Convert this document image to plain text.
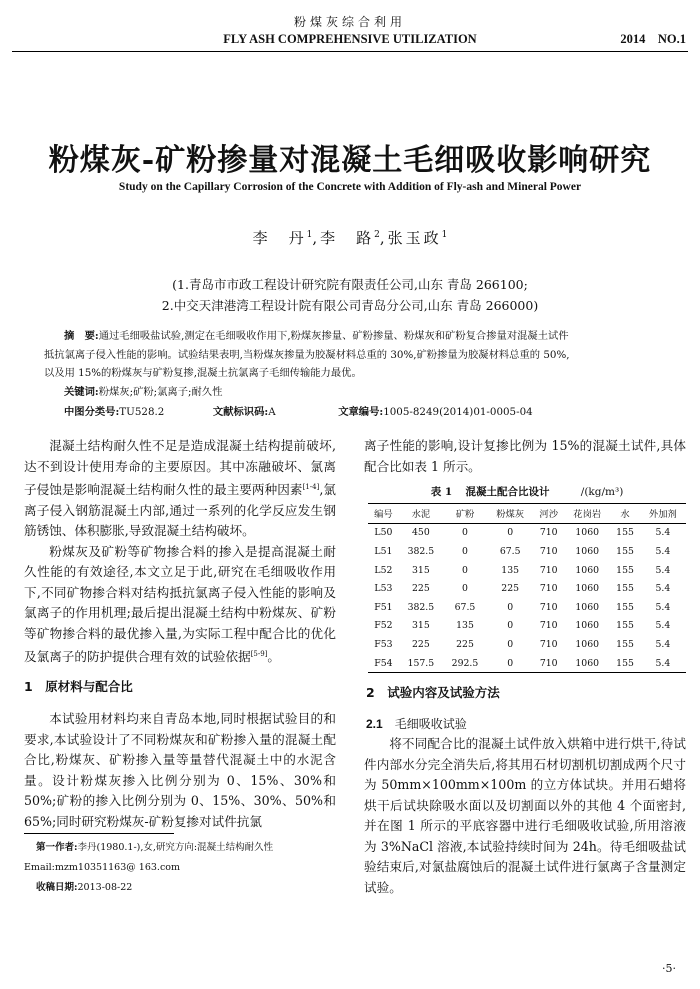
粉煤灰综合利用
FLY ASH COMPREHENSIVE UTILIZATION	2014    NO.1
粉煤灰-矿粉掺量对混凝土毛细吸收影响研究
Study on the Capillary Corrosion of the Concrete with Addition of Fly-ash and Mineral Power
李　丹$^1$,李　路$^2$,张玉政$^1$
(1.青岛市市政工程设计研究院有限责任公司,山东 青岛 266100;
2.中交天津港湾工程设计院有限公司青岛分公司,山东 青岛 266000)
摘　要:通过毛细吸盐试验,测定在毛细吸收作用下,粉煤灰掺量、矿粉掺量、粉煤灰和矿粉复合掺量对混凝土试件
抵抗氯离子侵入性能的影响。试验结果表明,当粉煤灰掺量为胶凝材料总重的 30%,矿粉掺量为胶凝材料总重的 50%,
以及用 15%的粉煤灰与矿粉复掺,混凝土抗氯离子毛细传输能力最优。
关键词:粉煤灰;矿粉;氯离子;耐久性
中图分类号:TU528.2	文献标识码:A	文章编号:1005-8249(2014)01-0005-04

混凝土结构耐久性不足是造成混凝土结构提前破坏,达不到设计使用寿命的主要原因。其中冻融破坏、氯离子侵蚀是影响混凝土结构耐久性的最主要两种因素[1-4],氯离子侵入钢筋混凝土内部,通过一系列的化学反应发生钢筋锈蚀、体积膨胀,导致混凝土结构破坏。

粉煤灰及矿粉等矿物掺合料的掺入是提高混凝土耐久性能的有效途径,本文立足于此,研究在毛细吸收作用下,不同矿物掺合料对结构抵抗氯离子侵入性能的影响及氯离子的作用机理;最后提出混凝土结构中粉煤灰、矿粉等矿物掺合料的最优掺入量,为实际工程中配合比的优化及氯离子的防护提供合理有效的试验依据[5-9]。

1　原材料与配合比

本试验用材料均来自青岛本地,同时根据试验目的和要求,本试验设计了不同粉煤灰和矿粉掺入量的混凝土配合比,粉煤灰、矿粉掺入量等量替代混凝土中的水泥含量。设计粉煤灰掺入比例分别为 0、15%、30%和 50%;矿粉的掺入比例分别为 0、15%、30%、50%和 65%;同时研究粉煤灰-矿粉复掺对试件抗氯

第一作者:李丹(1980.1-),女,研究方向:混凝土结构耐久性
Email:mzm10351163@ 163.com
收稿日期:2013-08-22

离子性能的影响,设计复掺比例为 15%的混凝土试件,具体配合比如表 1 所示。

表 1 混凝土配合比设计	/(kg/m³)
编号	水泥	矿粉	粉煤灰	河沙	花岗岩	水	外加剂
L50	450	0	0	710	1060	155	5.4
L51	382.5	0	67.5	710	1060	155	5.4
L52	315	0	135	710	1060	155	5.4
L53	225	0	225	710	1060	155	5.4
F51	382.5	67.5	0	710	1060	155	5.4
F52	315	135	0	710	1060	155	5.4
F53	225	225	0	710	1060	155	5.4
F54	157.5	292.5	0	710	1060	155	5.4
2　试验内容及试验方法
2.1 毛细吸收试验

将不同配合比的混凝土试件放入烘箱中进行烘干,待试件内部水分完全消失后,将其用石材切割机切割成两个尺寸为 50mm×100mm×100m 的立方体试块。并用石蜡将烘干后试块除吸水面以及切割面以外的其他 4 个面密封,并在图 1 所示的平底容器中进行毛细吸收试验,所用溶液为 3%NaCl 溶液,本试验持续时间为 24h。待毛细吸盐试验结束后,对氯盐腐蚀后的混凝土试件进行氯离子含量测定试验。

·5·
